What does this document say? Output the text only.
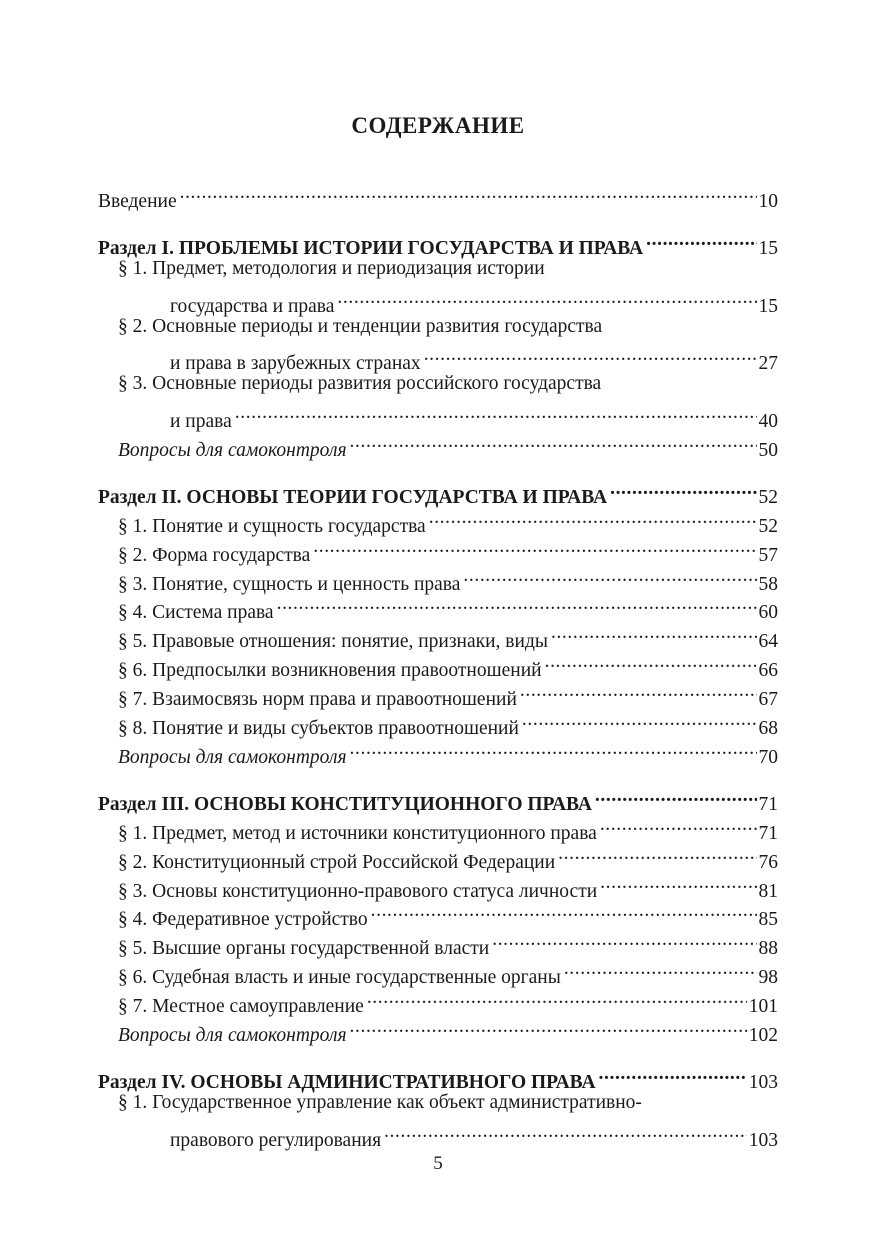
СОДЕРЖАНИЕ
Введение .....	10
Раздел I. ПРОБЛЕМЫ ИСТОРИИ ГОСУДАРСТВА И ПРАВА .....	15
§ 1. Предмет, методология и периодизация истории
государства и права .....	15
§ 2. Основные периоды и тенденции развития государства
и права в зарубежных странах .....	27
§ 3. Основные периоды развития российского государства
и права .....	40
Вопросы для самоконтроля .....	50
Раздел II. ОСНОВЫ ТЕОРИИ ГОСУДАРСТВА И ПРАВА .....	52
§ 1. Понятие и сущность государства .....	52
§ 2. Форма государства .....	57
§ 3. Понятие, сущность и ценность права .....	58
§ 4. Система права .....	60
§ 5. Правовые отношения: понятие, признаки, виды .....	64
§ 6. Предпосылки возникновения правоотношений .....	66
§ 7. Взаимосвязь норм права и правоотношений .....	67
§ 8. Понятие и виды субъектов правоотношений .....	68
Вопросы для самоконтроля .....	70
Раздел III. ОСНОВЫ КОНСТИТУЦИОННОГО ПРАВА .....	71
§ 1. Предмет, метод и источники конституционного права .....	71
§ 2. Конституционный строй Российской Федерации .....	76
§ 3. Основы конституционно-правового статуса личности .....	81
§ 4. Федеративное устройство .....	85
§ 5. Высшие органы государственной власти .....	88
§ 6. Судебная власть и иные государственные органы .....	98
§ 7. Местное самоуправление .....	101
Вопросы для самоконтроля .....	102
Раздел IV. ОСНОВЫ АДМИНИСТРАТИВНОГО ПРАВА .....	103
§ 1. Государственное управление как объект административно-
правового регулирования .....	103
5
